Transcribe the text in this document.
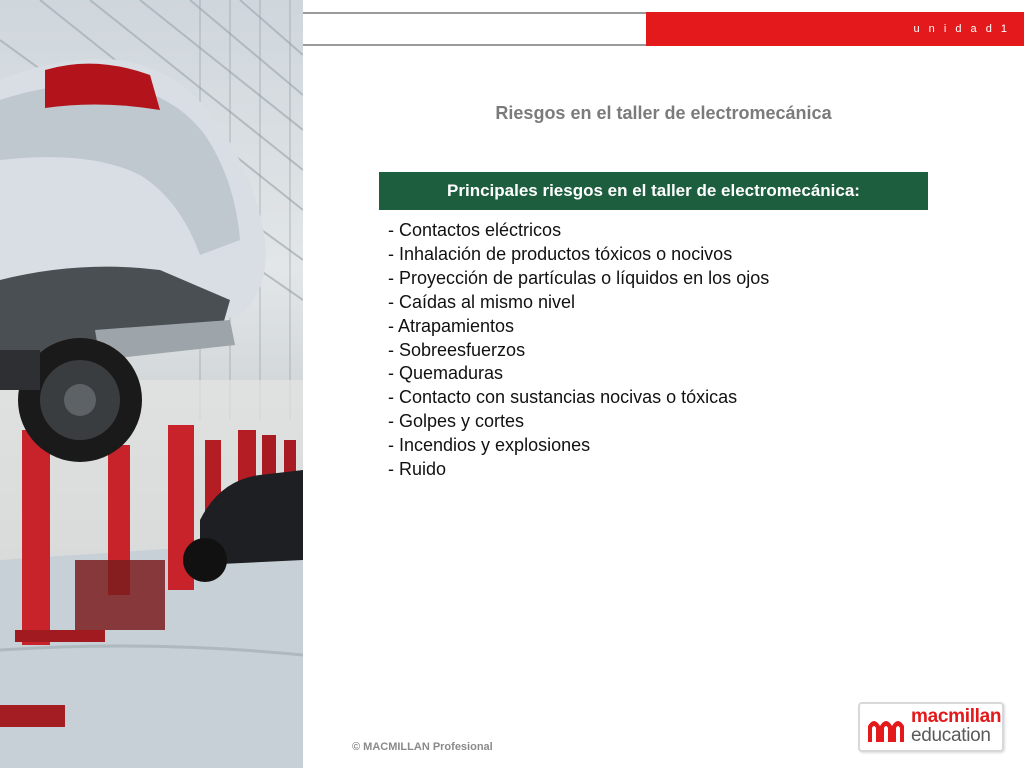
u n i d a d 1
Riesgos en el taller de electromecánica
Principales riesgos en el taller de electromecánica:
- Contactos eléctricos
- Inhalación de productos tóxicos o nocivos
- Proyección de partículas o líquidos en los ojos
- Caídas al mismo nivel
- Atrapamientos
- Sobreesfuerzos
- Quemaduras
- Contacto con sustancias nocivas o tóxicas
- Golpes y cortes
- Incendios y explosiones
- Ruido
© MACMILLAN Profesional
macmillan
education
